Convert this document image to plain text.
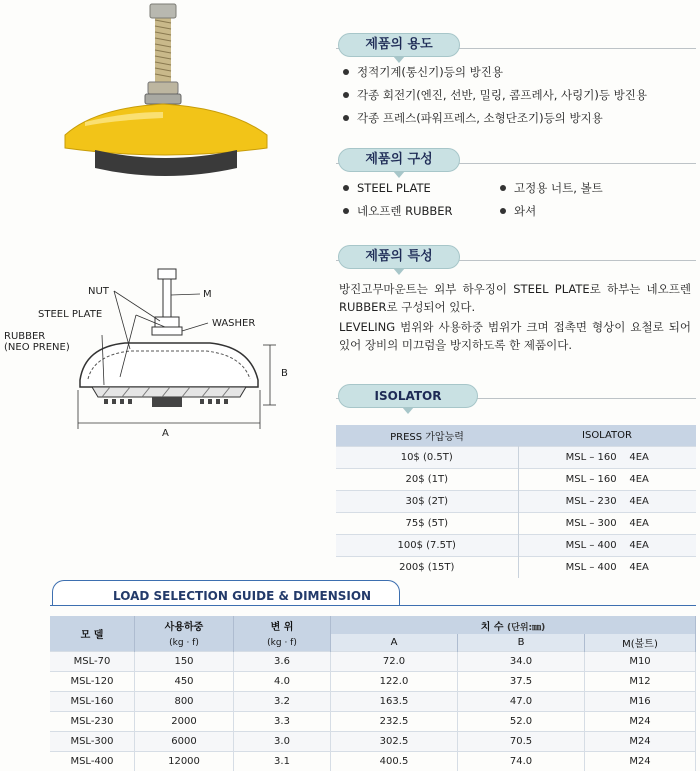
NUT	M
STEEL PLATE
WASHER
RUBBER
(NEO PRENE)
B
A
제품의 용도
정적기계(통신기)등의 방진용
각종 회전기(엔진, 선반, 밀링, 콤프레사, 사링기)등 방진용
각종 프레스(파워프레스, 소형단조기)등의 방지용
제품의 구성
STEEL PLATE
네오프렌 RUBBER
고정용 너트, 볼트
와셔
제품의 특성
방진고무마운트는 외부 하우징이 STEEL PLATE로 하부는 네오프렌 RUBBER로 구성되어 있다.
LEVELING 범위와 사용하중 범위가 크며 접촉면 형상이 요철로 되어 있어 장비의 미끄럼을 방지하도록 한 제품이다.
ISOLATOR
PRESS 가압능력	ISOLATOR
10$ (0.5T)	MSL – 160    4EA
20$ (1T)	MSL – 160    4EA
30$ (2T)	MSL – 230    4EA
75$ (5T)	MSL – 300    4EA
100$ (7.5T)	MSL – 400    4EA
200$ (15T)	MSL – 400    4EA
LOAD SELECTION GUIDE & DIMENSION
모 델	사용하중	변 위	치 수 (단위:㎜)		
	(kg · f)	(kg · f)	A	B	M(볼트)
MSL-70	150	3.6	72.0	34.0	M10
MSL-120	450	4.0	122.0	37.5	M12
MSL-160	800	3.2	163.5	47.0	M16
MSL-230	2000	3.3	232.5	52.0	M24
MSL-300	6000	3.0	302.5	70.5	M24
MSL-400	12000	3.1	400.5	74.0	M24
